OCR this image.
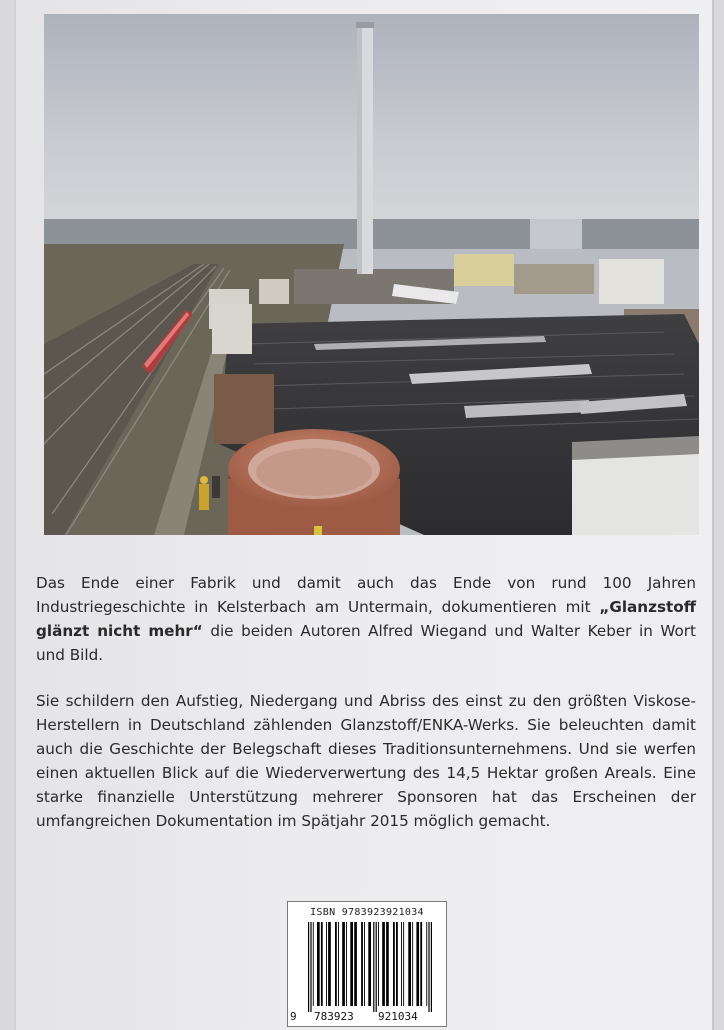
Das Ende einer Fabrik und damit auch das Ende von rund 100 Jahren Industriegeschichte in Kelsterbach am Untermain, dokumentieren mit „Glanzstoff glänzt nicht mehr“ die beiden Autoren Alfred Wiegand und Walter Keber in Wort und Bild.

Sie schildern den Aufstieg, Niedergang und Abriss des einst zu den größten Viskose-Herstellern in Deutschland zählenden Glanzstoff/ENKA-Werks. Sie beleuchten damit auch die Geschichte der Belegschaft dieses Traditionsunternehmens. Und sie werfen einen aktuellen Blick auf die Wiederverwertung des 14,5 Hektar großen Areals. Eine starke finanzielle Unterstützung mehrerer Sponsoren hat das Erscheinen der umfangreichen Dokumentation im Spätjahr 2015 möglich gemacht.

ISBN 9783923921034
9 783923 921034
